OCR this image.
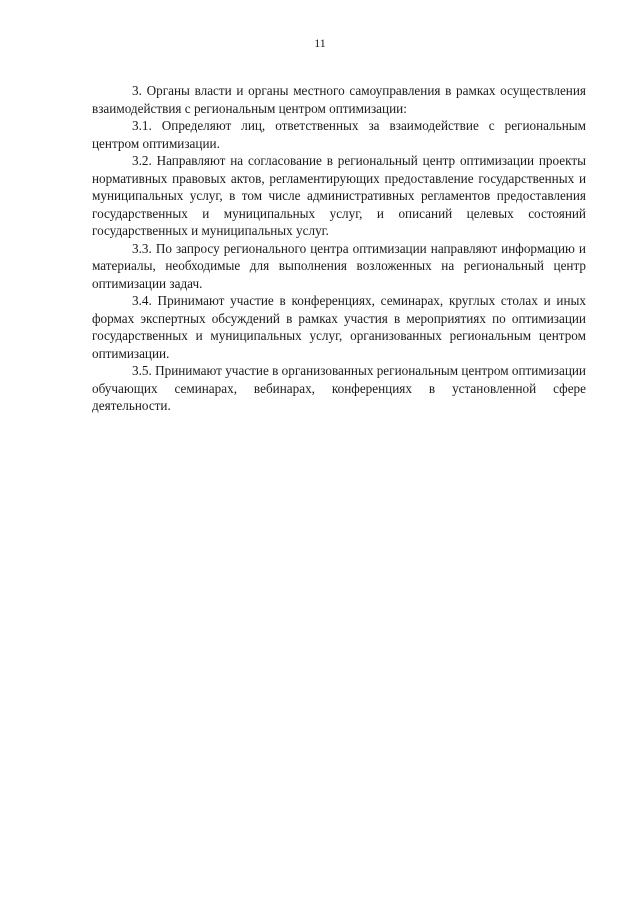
11

3. Органы власти и органы местного самоуправления в рамках осуществления взаимодействия с региональным центром оптимизации:

3.1. Определяют лиц, ответственных за взаимодействие с региональным центром оптимизации.

3.2. Направляют на согласование в региональный центр оптимизации проекты нормативных правовых актов, регламентирующих предоставление государственных и муниципальных услуг, в том числе административных регламентов предоставления государственных и муниципальных услуг, и описаний целевых состояний государственных и муниципальных услуг.

3.3. По запросу регионального центра оптимизации направляют информацию и материалы, необходимые для выполнения возложенных на региональный центр оптимизации задач.

3.4. Принимают участие в конференциях, семинарах, круглых столах и иных формах экспертных обсуждений в рамках участия в мероприятиях по оптимизации государственных и муниципальных услуг, организованных региональным центром оптимизации.

3.5. Принимают участие в организованных региональным центром оптимизации обучающих семинарах, вебинарах, конференциях в установленной сфере деятельности.
